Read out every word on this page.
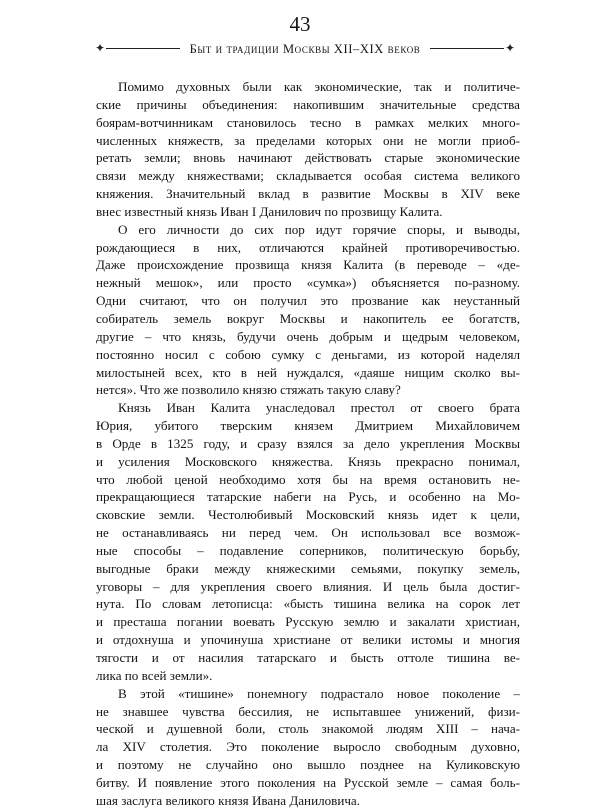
43
✦	✦
Быт и традиции Москвы XII–XIX веков
Помимо духовных были как экономические, так и политиче-
ские причины объединения: накопившим значительные средства
боярам-вотчинникам становилось тесно в рамках мелких много-
численных княжеств, за пределами которых они не могли приоб-
ретать земли; вновь начинают действовать старые экономические
связи между княжествами; складывается особая система великого
княжения. Значительный вклад в развитие Москвы в XIV веке
внес известный князь Иван I Данилович по прозвищу Калита.
О его личности до сих пор идут горячие споры, и выводы,
рождающиеся в них, отличаются крайней противоречивостью.
Даже происхождение прозвища князя Калита (в переводе – «де-
нежный мешок», или просто «сумка») объясняется по-разному.
Одни считают, что он получил это прозвание как неустанный
собиратель земель вокруг Москвы и накопитель ее богатств,
другие – что князь, будучи очень добрым и щедрым человеком,
постоянно носил с собою сумку с деньгами, из которой наделял
милостыней всех, кто в ней нуждался, «даяше нищим сколко вы-
нется». Что же позволило князю стяжать такую славу?
Князь Иван Калита унаследовал престол от своего брата
Юрия, убитого тверским князем Дмитрием Михайловичем
в Орде в 1325 году, и сразу взялся за дело укрепления Москвы
и усиления Московского княжества. Князь прекрасно понимал,
что любой ценой необходимо хотя бы на время остановить не-
прекращающиеся татарские набеги на Русь, и особенно на Мо-
сковские земли. Честолюбивый Московский князь идет к цели,
не останавливаясь ни перед чем. Он использовал все возмож-
ные способы – подавление соперников, политическую борьбу,
выгодные браки между княжескими семьями, покупку земель,
уговоры – для укрепления своего влияния. И цель была достиг-
нута. По словам летописца: «бысть тишина велика на сорок лет
и престаша погании воевать Русскую землю и закалати христиан,
и отдохнуша и упочинуша христиане от велики истомы и многия
тягости и от насилия татарскаго и бысть оттоле тишина ве-
лика по всей земли».
В этой «тишине» понемногу подрастало новое поколение –
не знавшее чувства бессилия, не испытавшее унижений, физи-
ческой и душевной боли, столь знакомой людям XIII – нача-
ла XIV столетия. Это поколение выросло свободным духовно,
и поэтому не случайно оно вышло позднее на Куликовскую
битву. И появление этого поколения на Русской земле – самая боль-
шая заслуга великого князя Ивана Даниловича.
